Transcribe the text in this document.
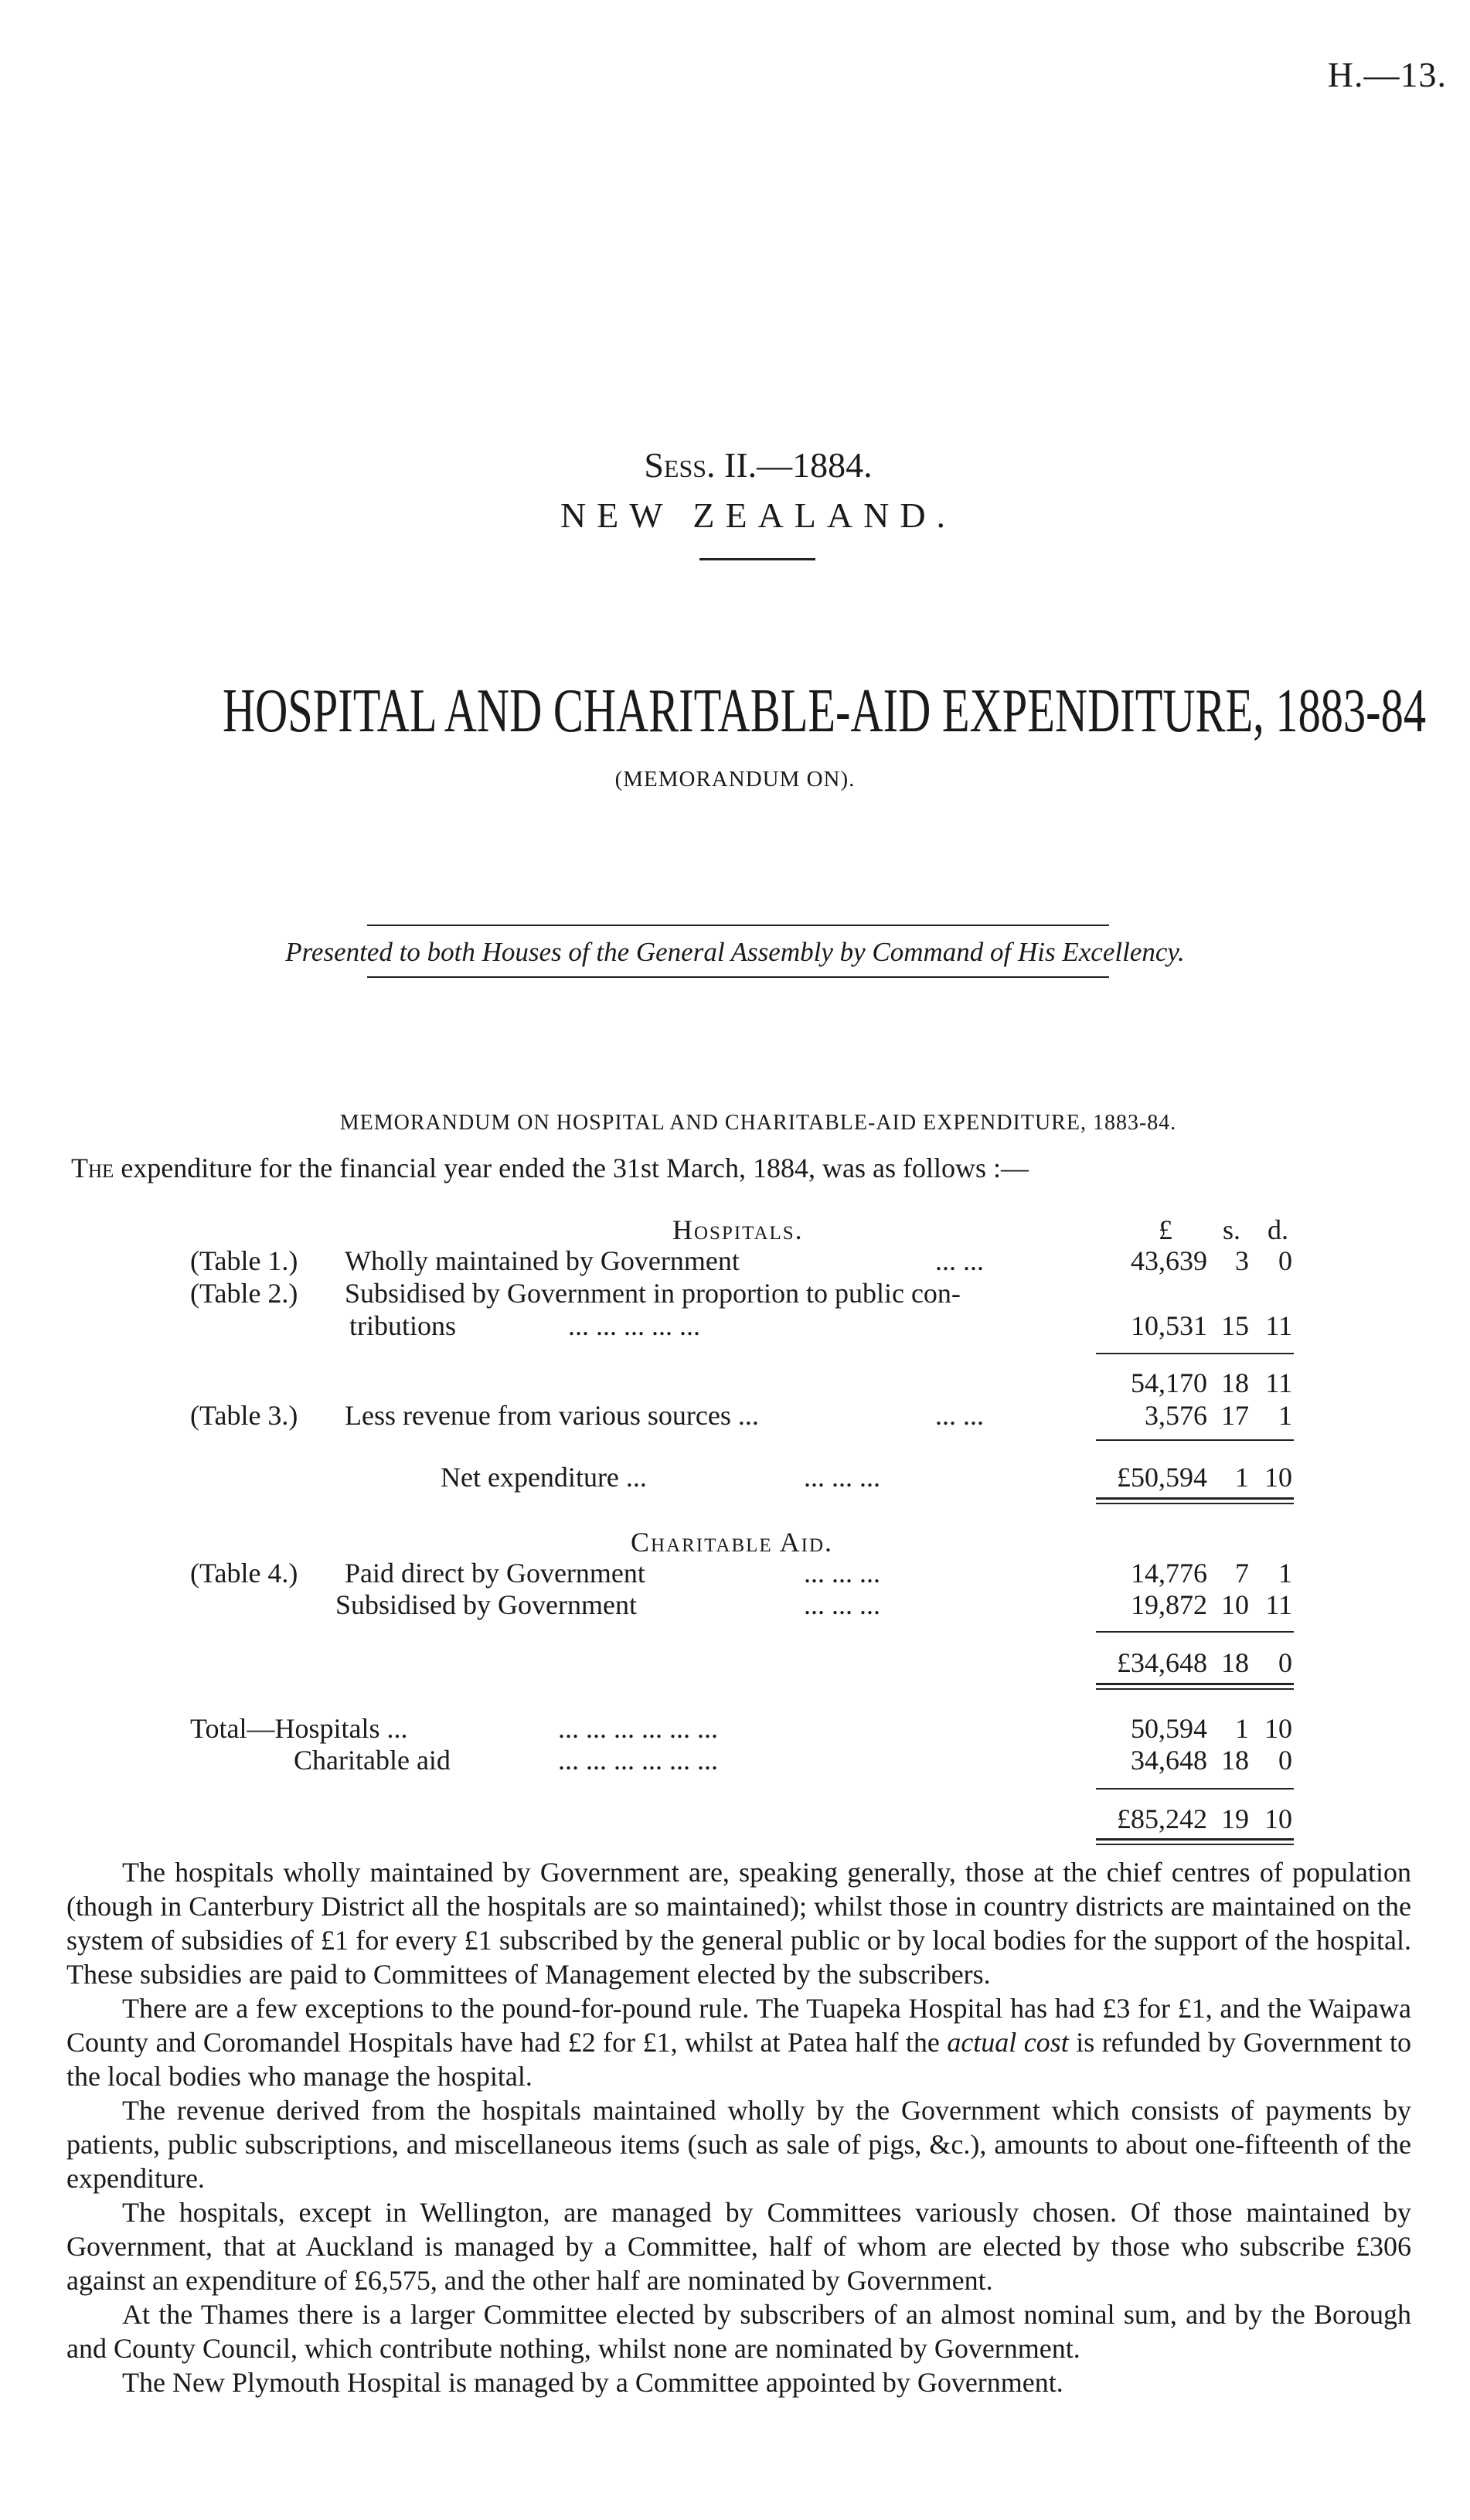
H.—13.
Sess. II.—1884.
NEW ZEALAND.
HOSPITAL AND CHARITABLE-AID EXPENDITURE, 1883-84
(MEMORANDUM ON).
Presented to both Houses of the General Assembly by Command of His Excellency.
MEMORANDUM ON HOSPITAL AND CHARITABLE-AID EXPENDITURE, 1883-84.
The expenditure for the financial year ended the 31st March, 1884, was as follows :—
£ s. d.
Hospitals.
(Table 1.) Wholly maintained by Government	... ...	43,639	3	0
(Table 2.) Subsidised by Government in proportion to public con-
tributions	... ... ... ... ...	10,531 15 11
54,170 18 11
(Table 3.) Less revenue from various sources ...	... ...	3,576 17	1
Net expenditure ...	... ... ...	£50,594	1 10
Charitable Aid.
(Table 4.) Paid direct by Government	... ... ...	14,776	7	1
Subsidised by Government	... ... ...	19,872 10 11
£34,648 18	0
Total—Hospitals ...	... ... ... ... ... ...	50,594	1 10
Charitable aid	... ... ... ... ... ...	34,648 18	0
£85,242 19 10

The hospitals wholly maintained by Government are, speaking generally, those at the chief centres of population (though in Canterbury District all the hospitals are so maintained); whilst those in country districts are maintained on the system of subsidies of £1 for every £1 subscribed by the general public or by local bodies for the support of the hospital. These subsidies are paid to Committees of Management elected by the subscribers.

There are a few exceptions to the pound-for-pound rule. The Tuapeka Hospital has had £3 for £1, and the Waipawa County and Coromandel Hospitals have had £2 for £1, whilst at Patea half the actual cost is refunded by Government to the local bodies who manage the hospital.

The revenue derived from the hospitals maintained wholly by the Government which consists of payments by patients, public subscriptions, and miscellaneous items (such as sale of pigs, &c.), amounts to about one-fifteenth of the expenditure.

The hospitals, except in Wellington, are managed by Committees variously chosen. Of those maintained by Government, that at Auckland is managed by a Committee, half of whom are elected by those who subscribe £306 against an expenditure of £6,575, and the other half are nominated by Government.

At the Thames there is a larger Committee elected by subscribers of an almost nominal sum, and by the Borough and County Council, which contribute nothing, whilst none are nominated by Government.

The New Plymouth Hospital is managed by a Committee appointed by Government.
